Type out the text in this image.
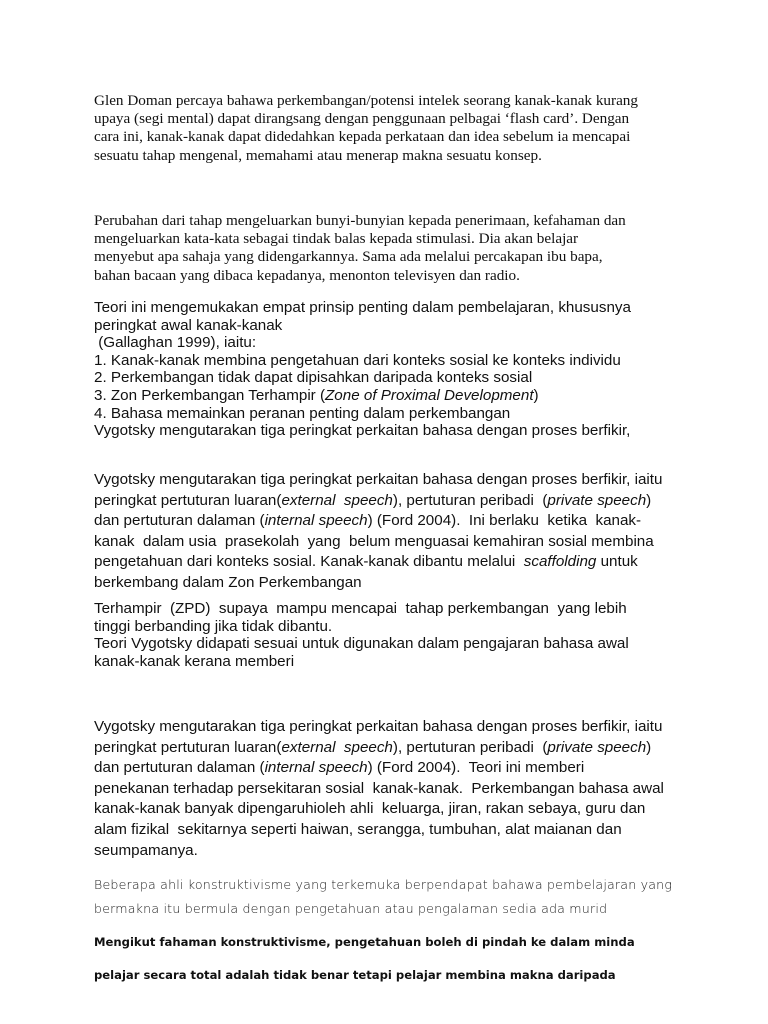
Glen Doman percaya bahawa perkembangan/potensi intelek seorang kanak-kanak kurang
upaya (segi mental) dapat dirangsang dengan penggunaan pelbagai ‘flash card’. Dengan
cara ini, kanak-kanak dapat didedahkan kepada perkataan dan idea sebelum ia mencapai
sesuatu tahap mengenal, memahami atau menerap makna sesuatu konsep.
Perubahan dari tahap mengeluarkan bunyi-bunyian kepada penerimaan, kefahaman dan
mengeluarkan kata-kata sebagai tindak balas kepada stimulasi. Dia akan belajar
menyebut apa sahaja yang didengarkannya. Sama ada melalui percakapan ibu bapa,
bahan bacaan yang dibaca kepadanya, menonton televisyen dan radio.
Teori ini mengemukakan empat prinsip penting dalam pembelajaran, khususnya
peringkat awal kanak-kanak
(Gallaghan 1999), iaitu:
1. Kanak-kanak membina pengetahuan dari konteks sosial ke konteks individu
2. Perkembangan tidak dapat dipisahkan daripada konteks sosial
3. Zon Perkembangan Terhampir (Zone of Proximal Development)
4. Bahasa memainkan peranan penting dalam perkembangan
Vygotsky mengutarakan tiga peringkat perkaitan bahasa dengan proses berfikir,
Vygotsky mengutarakan tiga peringkat perkaitan bahasa dengan proses berfikir, iaitu
peringkat pertuturan luaran(external  speech), pertuturan peribadi  (private speech)
dan pertuturan dalaman (internal speech) (Ford 2004).  Ini berlaku  ketika  kanak-
kanak  dalam usia  prasekolah  yang  belum menguasai kemahiran sosial membina
pengetahuan dari konteks sosial. Kanak-kanak dibantu melalui  scaffolding untuk
berkembang dalam Zon Perkembangan
Terhampir  (ZPD)  supaya  mampu mencapai  tahap perkembangan  yang lebih
tinggi berbanding jika tidak dibantu.
Teori Vygotsky didapati sesuai untuk digunakan dalam pengajaran bahasa awal
kanak-kanak kerana memberi
Vygotsky mengutarakan tiga peringkat perkaitan bahasa dengan proses berfikir, iaitu
peringkat pertuturan luaran(external  speech), pertuturan peribadi  (private speech)
dan pertuturan dalaman (internal speech) (Ford 2004).  Teori ini memberi
penekanan terhadap persekitaran sosial  kanak-kanak.  Perkembangan bahasa awal
kanak-kanak banyak dipengaruhioleh ahli  keluarga, jiran, rakan sebaya, guru dan
alam fizikal  sekitarnya seperti haiwan, serangga, tumbuhan, alat maianan dan
seumpamanya.
Beberapa ahli konstruktivisme yang terkemuka berpendapat bahawa pembelajaran yang
bermakna itu bermula dengan pengetahuan atau pengalaman sedia ada murid
Mengikut fahaman konstruktivisme, pengetahuan boleh di pindah ke dalam minda
pelajar secara total adalah tidak benar tetapi pelajar membina makna daripada
